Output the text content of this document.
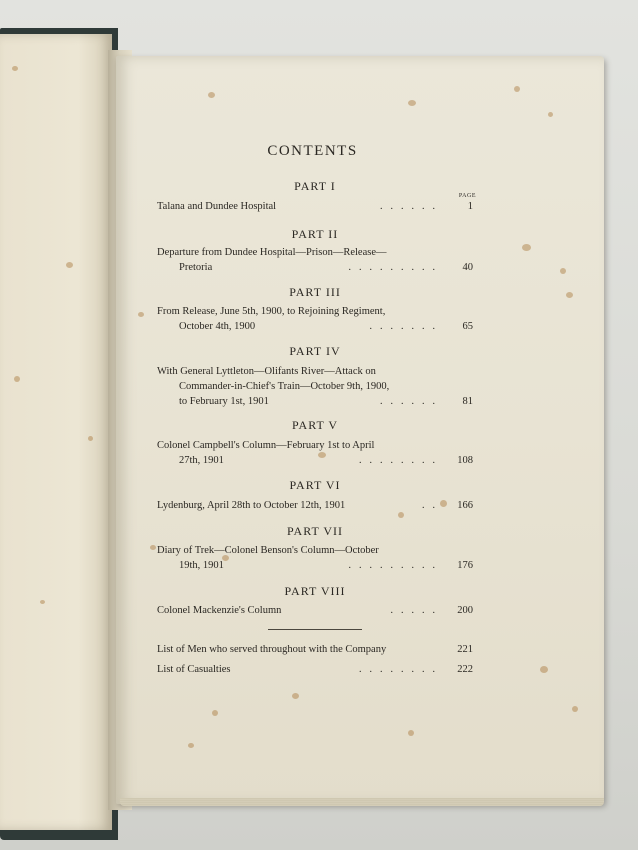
CONTENTS
PAGE
PART I
Talana and Dundee Hospital	...... 1
PART II
Departure from Dundee Hospital—Prison—Release—
Pretoria	......... 40
PART III
From Release, June 5th, 1900, to Rejoining Regiment,
October 4th, 1900	....... 65
PART IV
With General Lyttleton—Olifants River—Attack on
Commander-in-Chief's Train—October 9th, 1900,
to February 1st, 1901	...... 81
PART V
Colonel Campbell's Column—February 1st to April
27th, 1901	........ 108
PART VI
Lydenburg, April 28th to October 12th, 1901	.. 166
PART VII
Diary of Trek—Colonel Benson's Column—October
19th, 1901	......... 176
PART VIII
Colonel Mackenzie's Column	..... 200
List of Men who served throughout with the Company	221
List of Casualties	........ 222
